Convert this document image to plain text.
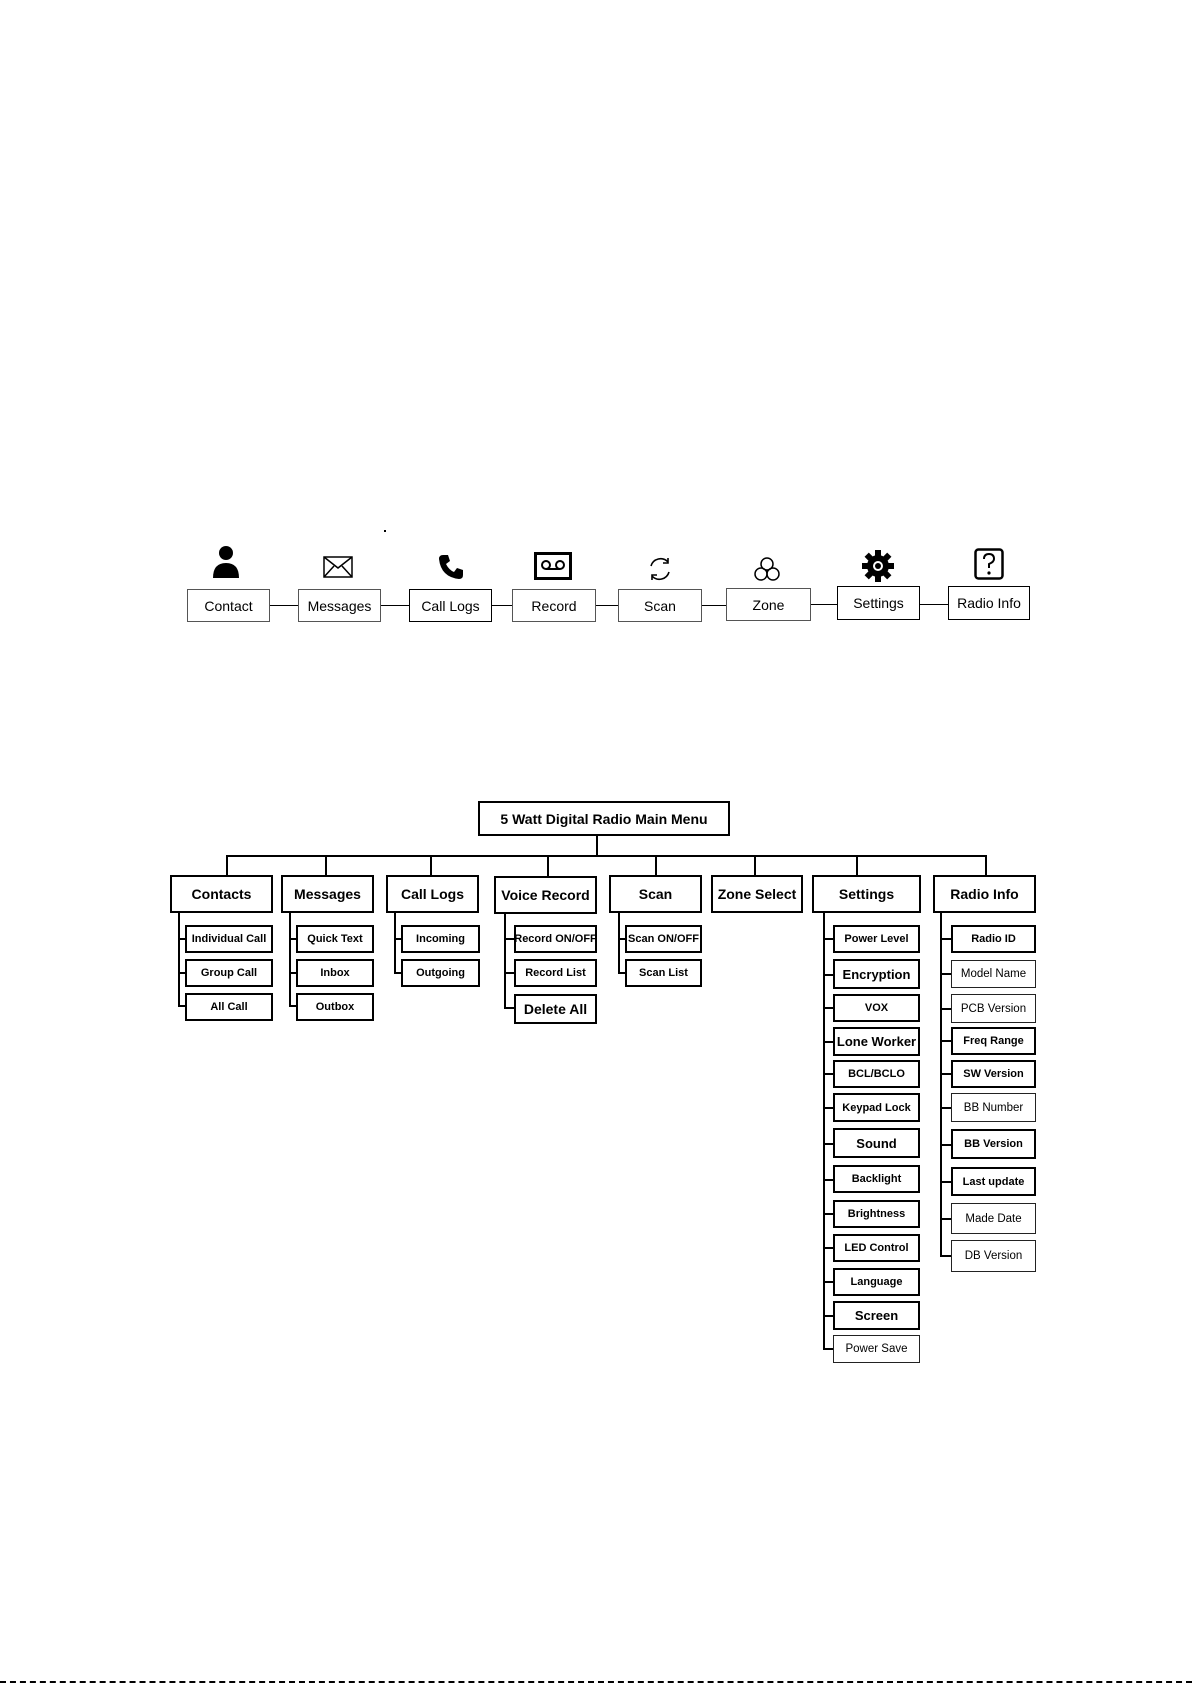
Contact	Messages	Call Logs	Record	Scan	Zone	Settings	Radio Info
5 Watt Digital Radio Main Menu
Contacts	Messages	Call Logs	Voice Record	Scan	Zone Select	Settings	Radio Info
Individual Call
Group Call
All Call
Quick Text
Inbox
Outbox
Incoming
Outgoing
Record ON/OFF
Record List
Delete All
Scan ON/OFF
Scan List
Power Level
Encryption
VOX
Lone Worker
BCL/BCLO
Keypad Lock
Sound
Backlight
Brightness
LED Control
Language
Screen
Power Save
Radio ID
Model Name
PCB Version
Freq Range
SW Version
BB Number
BB Version
Last update
Made Date
DB Version
